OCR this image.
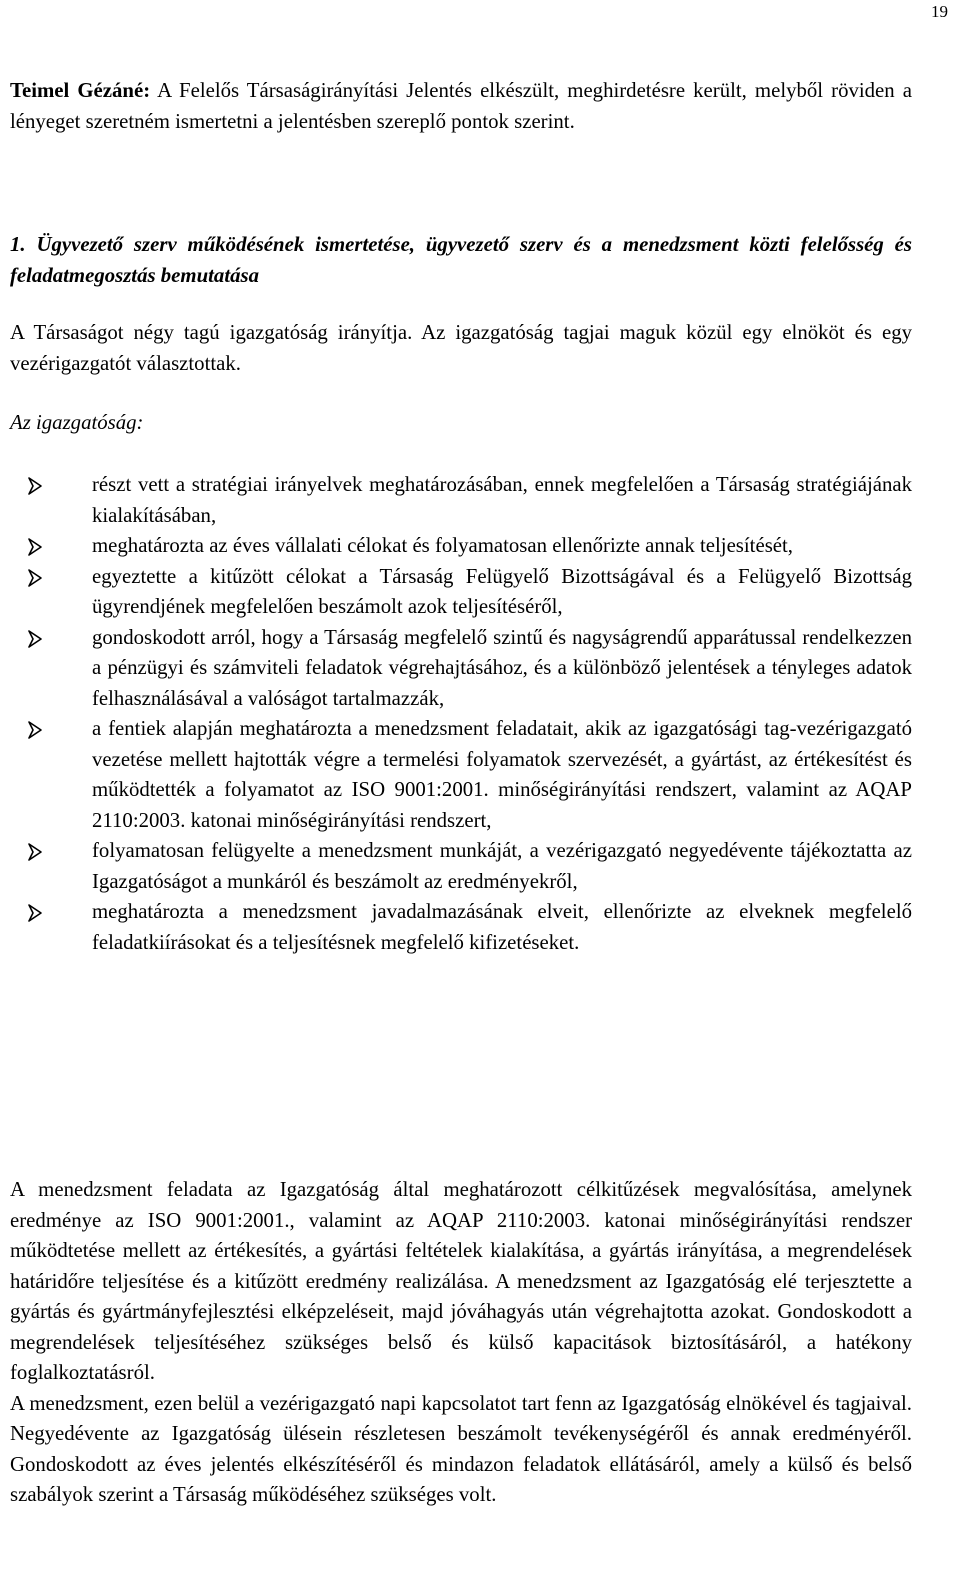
19

Teimel Gézáné: A Felelős Társaságirányítási Jelentés elkészült, meghirdetésre került, melyből röviden a lényeget szeretném ismertetni a jelentésben szereplő pontok szerint.

1. Ügyvezető szerv működésének ismertetése, ügyvezető szerv és a menedzsment közti felelősség és feladatmegosztás bemutatása

A Társaságot négy tagú igazgatóság irányítja. Az igazgatóság tagjai maguk közül egy elnököt és egy vezérigazgatót választottak.

Az igazgatóság:

részt vett a stratégiai irányelvek meghatározásában, ennek megfelelően a Társaság stratégiájának kialakításában,
meghatározta az éves vállalati célokat és folyamatosan ellenőrizte annak teljesítését,
egyeztette a kitűzött célokat a Társaság Felügyelő Bizottságával és a Felügyelő Bizottság ügyrendjének megfelelően beszámolt azok teljesítéséről,
gondoskodott arról, hogy a Társaság megfelelő szintű és nagyságrendű apparátussal rendelkezzen a pénzügyi és számviteli feladatok végrehajtásához, és a különböző jelentések a tényleges adatok felhasználásával a valóságot tartalmazzák,
a fentiek alapján meghatározta a menedzsment feladatait, akik az igazgatósági tag-vezérigazgató vezetése mellett hajtották végre a termelési folyamatok szervezését, a gyártást, az értékesítést és működtették a folyamatot az ISO 9001:2001. minőségirányítási rendszert, valamint az AQAP 2110:2003. katonai minőségirányítási rendszert,
folyamatosan felügyelte a menedzsment munkáját, a vezérigazgató negyedévente tájékoztatta az Igazgatóságot a munkáról és beszámolt az eredményekről,
meghatározta a menedzsment javadalmazásának elveit, ellenőrizte az elveknek megfelelő feladatkiírásokat és a teljesítésnek megfelelő kifizetéseket.

A menedzsment feladata az Igazgatóság által meghatározott célkitűzések megvalósítása, amelynek eredménye az ISO 9001:2001., valamint az AQAP 2110:2003. katonai minőségirányítási rendszer működtetése mellett az értékesítés, a gyártási feltételek kialakítása, a gyártás irányítása, a megrendelések határidőre teljesítése és a kitűzött eredmény realizálása. A menedzsment az Igazgatóság elé terjesztette a gyártás és gyártmányfejlesztési elképzeléseit, majd jóváhagyás után végrehajtotta azokat. Gondoskodott a megrendelések teljesítéséhez szükséges belső és külső kapacitások biztosításáról, a hatékony foglalkoztatásról.

A menedzsment, ezen belül a vezérigazgató napi kapcsolatot tart fenn az Igazgatóság elnökével és tagjaival. Negyedévente az Igazgatóság ülésein részletesen beszámolt tevékenységéről és annak eredményéről. Gondoskodott az éves jelentés elkészítéséről és mindazon feladatok ellátásáról, amely a külső és belső szabályok szerint a Társaság működéséhez szükséges volt.
